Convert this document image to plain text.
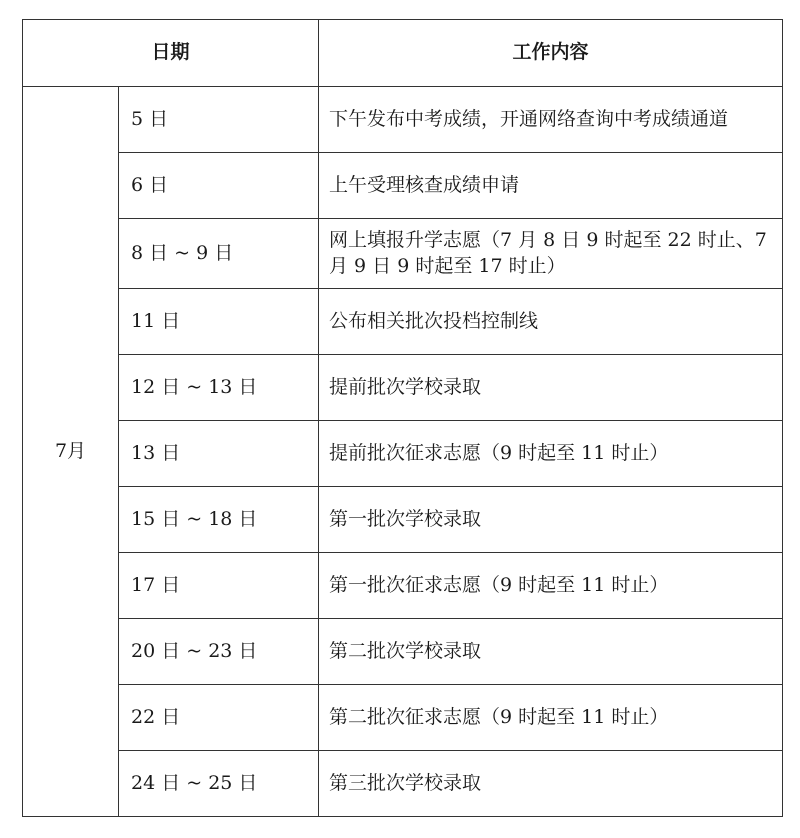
日期		工作内容
7月	5 日	下午发布中考成绩，开通网络查询中考成绩通道
	6 日	上午受理核查成绩申请
	8 日 ~ 9 日	网上填报升学志愿（7 月 8 日 9 时起至 22 时止、7 月 9 日 9 时起至 17 时止）
	11 日	公布相关批次投档控制线
	12 日 ~ 13 日	提前批次学校录取
	13 日	提前批次征求志愿（9 时起至 11 时止）
	15 日 ~ 18 日	第一批次学校录取
	17 日	第一批次征求志愿（9 时起至 11 时止）
	20 日 ~ 23 日	第二批次学校录取
	22 日	第二批次征求志愿（9 时起至 11 时止）
	24 日 ~ 25 日	第三批次学校录取
